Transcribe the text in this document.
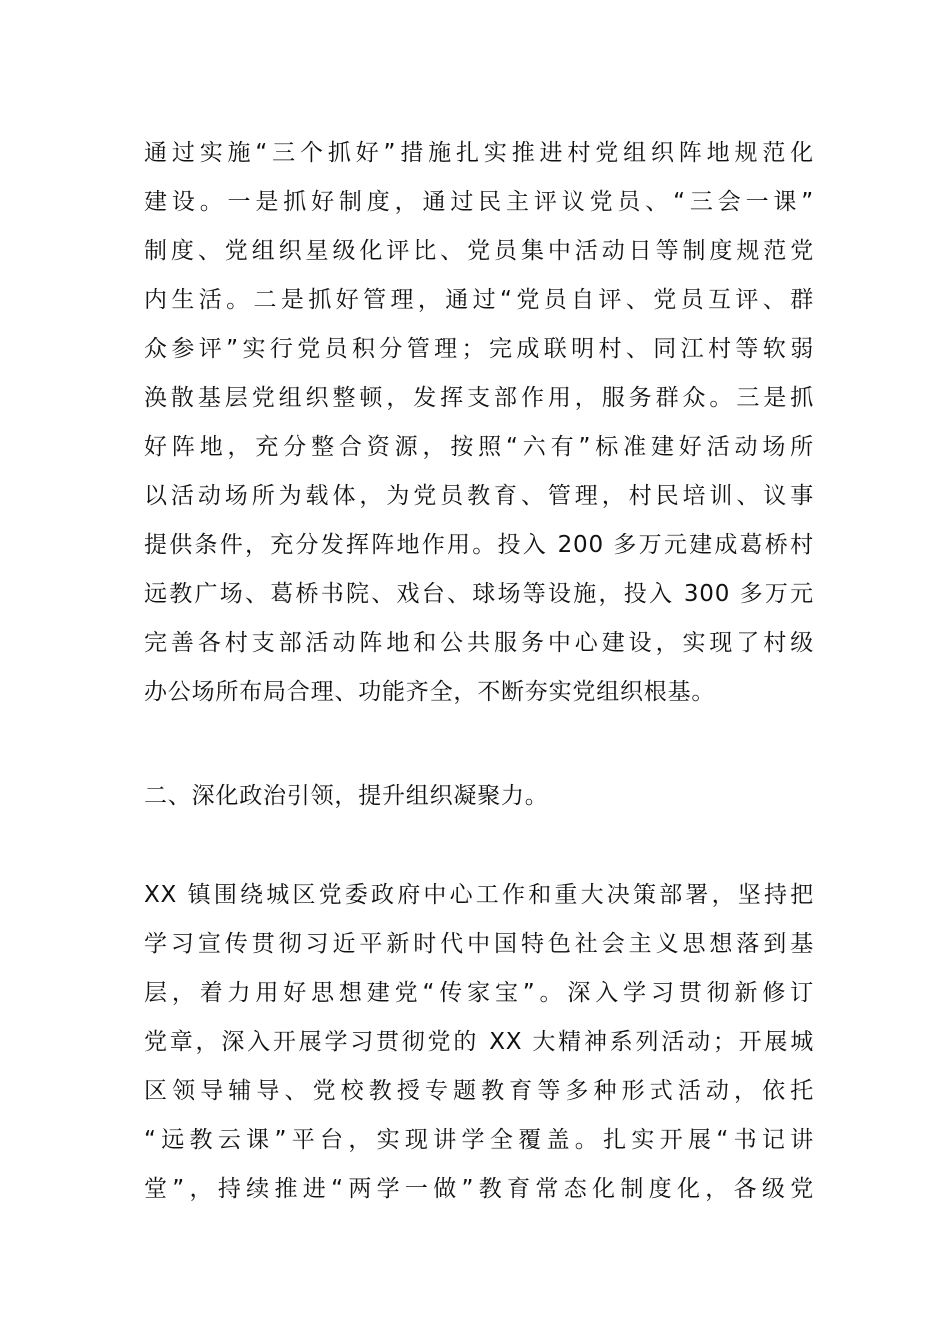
通过实施“三个抓好”措施扎实推进村党组织阵地规范化
建设。一是抓好制度，通过民主评议党员、“三会一课”
制度、党组织星级化评比、党员集中活动日等制度规范党
内生活。二是抓好管理，通过“党员自评、党员互评、群
众参评”实行党员积分管理；完成联明村、同江村等软弱
涣散基层党组织整顿，发挥支部作用，服务群众。三是抓
好阵地，充分整合资源，按照“六有”标准建好活动场所
以活动场所为载体，为党员教育、管理，村民培训、议事
提供条件，充分发挥阵地作用。投入 200 多万元建成葛桥村
远教广场、葛桥书院、戏台、球场等设施，投入 300 多万元
完善各村支部活动阵地和公共服务中心建设，实现了村级
办公场所布局合理、功能齐全，不断夯实党组织根基。
二、深化政治引领，提升组织凝聚力。
XX 镇围绕城区党委政府中心工作和重大决策部署，坚持把
学习宣传贯彻习近平新时代中国特色社会主义思想落到基
层，着力用好思想建党“传家宝”。深入学习贯彻新修订
党章，深入开展学习贯彻党的 XX 大精神系列活动；开展城
区领导辅导、党校教授专题教育等多种形式活动，依托
“远教云课”平台，实现讲学全覆盖。扎实开展“书记讲
堂”，持续推进“两学一做”教育常态化制度化，各级党
